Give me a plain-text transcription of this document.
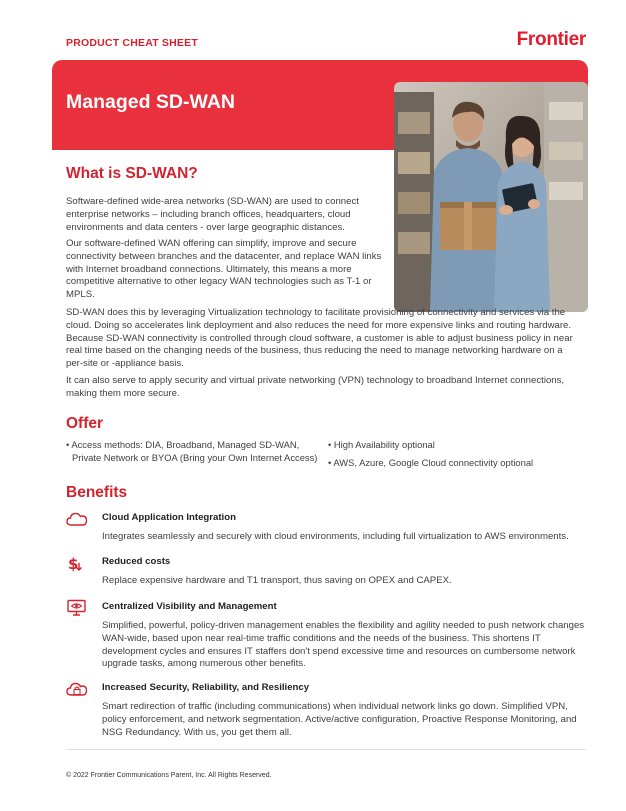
PRODUCT CHEAT SHEET	Frontier
Managed SD-WAN
What is SD-WAN?

Software-defined wide-area networks (SD-WAN) are used to connect enterprise networks – including branch offices, headquarters, cloud environments and data centers - over large geographic distances.

Our software-defined WAN offering can simplify, improve and secure connectivity between branches and the datacenter, and replace WAN links with Internet broadband connections. Ultimately, this means a more competitive alternative to other legacy WAN technologies such as T-1 or MPLS.

SD-WAN does this by leveraging Virtualization technology to facilitate provisioning of connectivity and services via the cloud. Doing so accelerates link deployment and also reduces the need for more expensive links and routing hardware. Because SD-WAN connectivity is controlled through cloud software, a customer is able to adjust business policy in near real time based on the changing needs of the business, thus reducing the need to manage networking hardware on a per-site or -appliance basis.

It can also serve to apply security and virtual private networking (VPN) technology to broadband Internet connections, making them more secure.

Offer

• Access methods: DIA, Broadband, Managed SD-WAN, Private Network or BYOA (Bring your Own Internet Access)

• High Availability optional

• AWS, Azure, Google Cloud connectivity optional

Benefits
Cloud Application Integration

Integrates seamlessly and securely with cloud environments, including full virtualization to AWS environments.

$ Reduced costs

Replace expensive hardware and T1 transport, thus saving on OPEX and CAPEX.

Centralized Visibility and Management

Simplified, powerful, policy-driven management enables the flexibility and agility needed to push network changes WAN-wide, based upon near real-time traffic conditions and the needs of the business. This shortens IT development cycles and ensures IT staffers don't spend excessive time and resources on cumbersome network upgrade tasks, among numerous other benefits.

Increased Security, Reliability, and Resiliency

Smart redirection of traffic (including communications) when individual network links go down. Simplified VPN, policy enforcement, and network segmentation. Active/active configuration, Proactive Response Monitoring, and NSG Redundancy. With us, you get them all.

© 2022 Frontier Communications Parent, Inc. All Rights Reserved.
